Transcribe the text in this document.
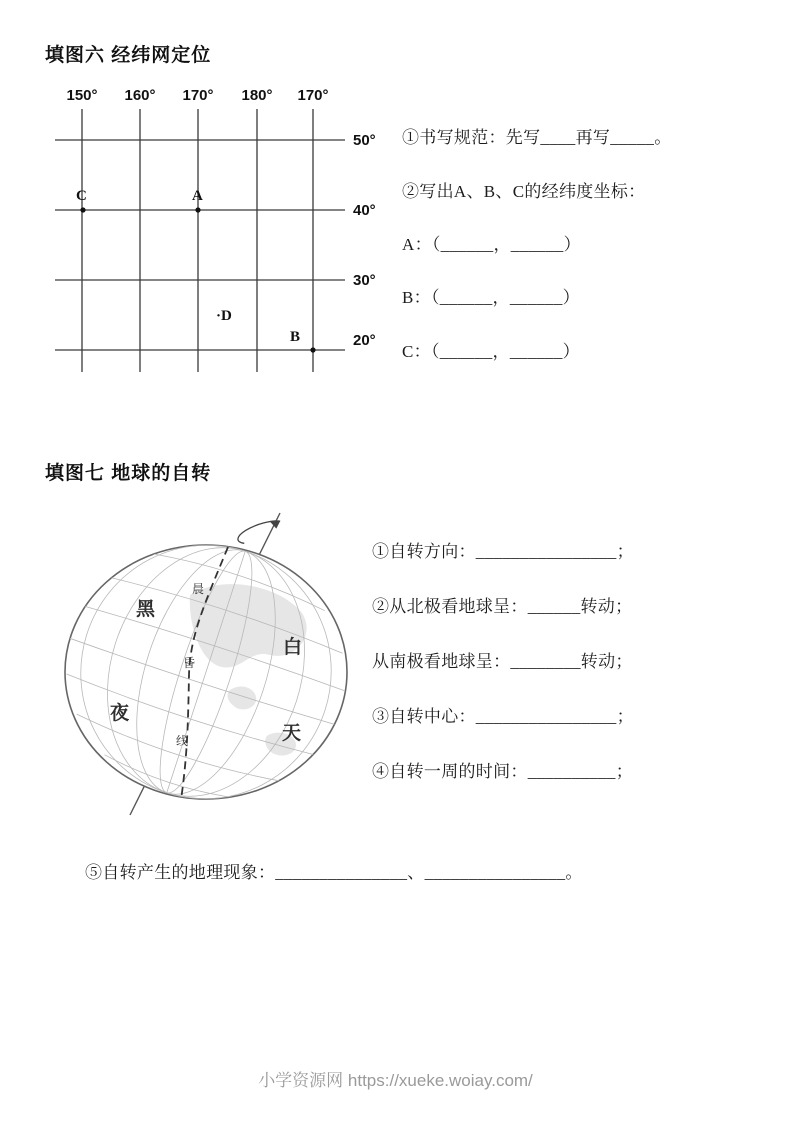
填图六 经纬网定位
150° 160° 170° 180° 170°
50°
40°
30°
20°
C	A
·D
B
①书写规范：先写____再写_____。
②写出A、B、C的经纬度坐标：
A：（______，______）
B：（______，______）
C：（______，______）
填图七 地球的自转
黑
夜
白
天
晨
昏
线
①自转方向：________________；
②从北极看地球呈：______转动；
从南极看地球呈：________转动；
③自转中心：________________；
④自转一周的时间：__________；
⑤自转产生的地理现象：_______________、________________。
小学资源网 https://xueke.woiay.com/
